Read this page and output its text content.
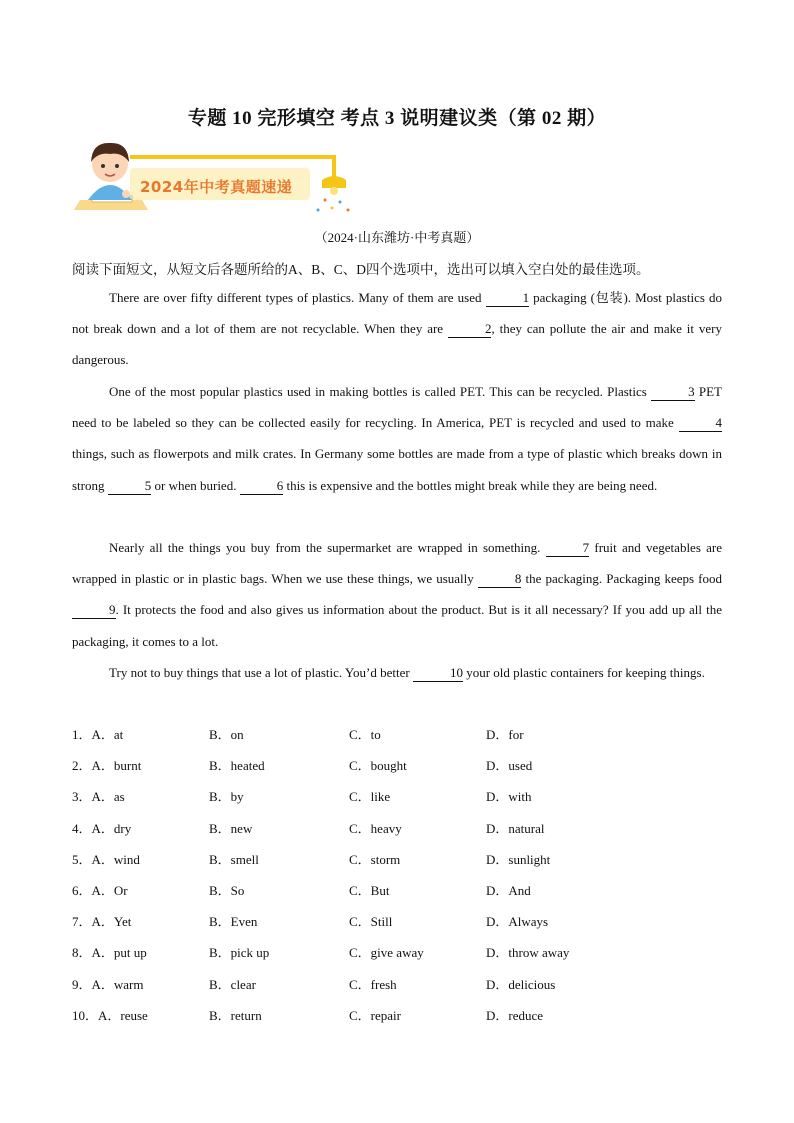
专题 10 完形填空 考点 3 说明建议类（第 02 期）
2024年中考真题速递
（2024·山东潍坊·中考真题）
阅读下面短文，从短文后各题所给的A、B、C、D四个选项中，选出可以填入空白处的最佳选项。

There are over fifty different types of plastics. Many of them are used	1 packaging (包装). Most plastics do not break down and a lot of them are not recyclable. When they are	2, they can pollute the air and make it very dangerous.

One of the most popular plastics used in making bottles is called PET. This can be recycled. Plastics	3 PET need to be labeled so they can be collected easily for recycling. In America, PET is recycled and used to make	4 things, such as flowerpots and milk crates. In Germany some bottles are made from a type of plastic which breaks down in strong	5 or when buried.	6 this is expensive and the bottles might break while they are being need.

Nearly all the things you buy from the supermarket are wrapped in something.	7 fruit and vegetables are wrapped in plastic or in plastic bags. When we use these things, we usually	8 the packaging. Packaging keeps food 9. It protects the food and also gives us information about the product. But is it all necessary? If you add up all the packaging, it comes to a lot.

Try not to buy things that use a lot of plastic. You’d better	10 your old plastic containers for keeping things.

1．A．at	B．on	C．to	D．for
2．A．burnt	B．heated	C．bought	D．used
3．A．as	B．by	C．like	D．with
4．A．dry	B．new	C．heavy	D．natural
5．A．wind	B．smell	C．storm	D．sunlight
6．A．Or	B．So	C．But	D．And
7．A．Yet	B．Even	C．Still	D．Always
8．A．put up	B．pick up	C．give away	D．throw away
9．A．warm	B．clear	C．fresh	D．delicious
10．A．reuse	B．return	C．repair	D．reduce
